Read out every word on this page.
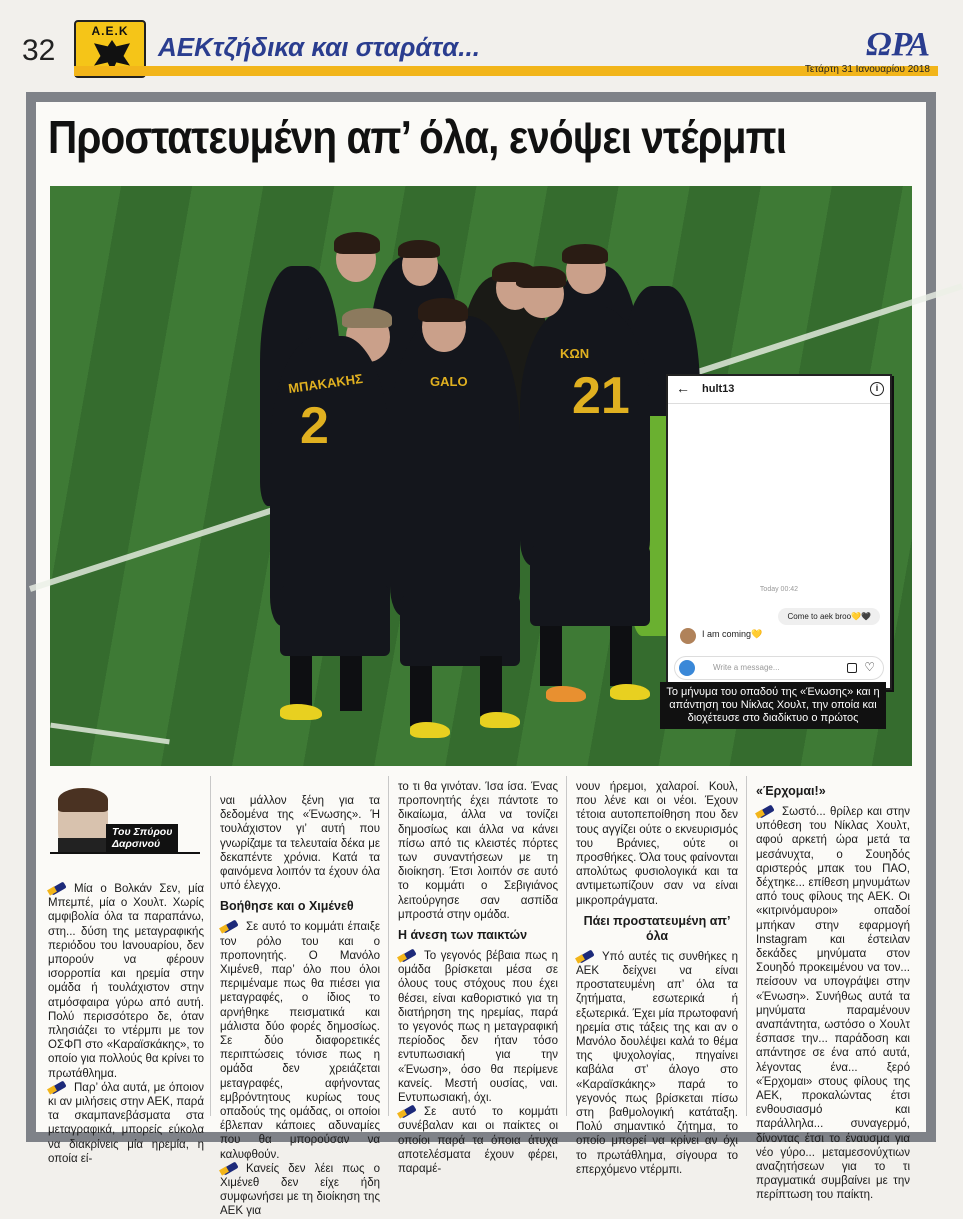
32
Α.Ε.Κ
ΑΕΚτζήδικα και σταράτα...	ΩΡΑ
Τετάρτη 31 Ιανουαρίου 2018
Προστατευμένη απ’ όλα, ενόψει ντέρμπι
ΜΠΑΚΑΚΗΣ
2
GALO
ΚΩΝ
21	← hult13	i
Today 00:42
Come to aek broo💛🖤
I am coming💛
Write a message...	♡
Το μήνυμα του οπαδού της «Ένωσης» και η απάντηση του Νίκλας Χουλτ, την οποία και διοχέτευσε στο διαδίκτυο ο πρώτος
Του Σπύρου
Δαρσινού

Μία ο Βολκάν Σεν, μία Μπεμπέ, μία ο Χουλτ. Χωρίς αμφιβολία όλα τα παραπάνω, στη... δύση της μεταγραφικής περιόδου του Ιανουαρίου, δεν μπορούν να φέρουν ισορροπία και ηρεμία στην ομάδα ή τουλάχιστον στην ατμόσφαιρα γύρω από αυτή. Πολύ περισσότερο δε, όταν πλησιάζει το ντέρμπι με τον ΟΣΦΠ στο «Καραϊσκάκης», το οποίο για πολλούς θα κρίνει το πρωτάθλημα.

Παρ’ όλα αυτά, με όποιον κι αν μιλήσεις στην ΑΕΚ, παρά τα σκαμπανεβάσματα στα μεταγραφικά, μπορείς εύκολα να διακρίνεις μία ηρεμία, η οποία εί-

ναι μάλλον ξένη για τα δεδομένα της «Ένωσης». Ή τουλάχιστον γι’ αυτή που γνωρίζαμε τα τελευταία δέκα με δεκαπέντε χρόνια. Κατά τα φαινόμενα λοιπόν τα έχουν όλα υπό έλεγχο.

Βοήθησε και ο Χιμένεθ

Σε αυτό το κομμάτι έπαιξε τον ρόλο του και ο προπονητής. Ο Μανόλο Χιμένεθ, παρ’ όλο που όλοι περιμέναμε πως θα πιέσει για μεταγραφές, ο ίδιος το αρνήθηκε πεισματικά και μάλιστα δύο φορές δημοσίως. Σε δύο διαφορετικές περιπτώσεις τόνισε πως η ομάδα δεν χρειάζεται μεταγραφές, αφήνοντας εμβρόντητους κυρίως τους οπαδούς της ομάδας, οι οποίοι έβλεπαν κάποιες αδυναμίες που θα μπορούσαν να καλυφθούν.

Κανείς δεν λέει πως ο Χιμένεθ δεν είχε ήδη συμφωνήσει με τη διοίκηση της ΑΕΚ για

το τι θα γινόταν. Ίσα ίσα. Ένας προπονητής έχει πάντοτε το δικαίωμα, άλλα να τονίζει δημοσίως και άλλα να κάνει πίσω από τις κλειστές πόρτες των συναντήσεων με τη διοίκηση. Έτσι λοιπόν σε αυτό το κομμάτι ο Σεβιγιάνος λειτούργησε σαν ασπίδα μπροστά στην ομάδα.

Η άνεση των παικτών

Το γεγονός βέβαια πως η ομάδα βρίσκεται μέσα σε όλους τους στόχους που έχει θέσει, είναι καθοριστικό για τη διατήρηση της ηρεμίας, παρά το γεγονός πως η μεταγραφική περίοδος δεν ήταν τόσο εντυπωσιακή για την «Ένωση», όσο θα περίμενε κανείς. Μεστή ουσίας, ναι. Εντυπωσιακή, όχι.

Σε αυτό το κομμάτι συνέβαλαν και οι παίκτες οι οποίοι παρά τα όποια άτυχα αποτελέσματα έχουν φέρει, παραμέ-

νουν ήρεμοι, χαλαροί. Κουλ, που λένε και οι νέοι. Έχουν τέτοια αυτοπεποίθηση που δεν τους αγγίζει ούτε ο εκνευρισμός του Βράνιες, ούτε οι προσθήκες. Όλα τους φαίνονται απολύτως φυσιολογικά και τα αντιμετωπίζουν σαν να είναι μικροπράγματα.

Πάει προστατευμένη απ’ όλα

Υπό αυτές τις συνθήκες η ΑΕΚ δείχνει να είναι προστατευμένη απ’ όλα τα ζητήματα, εσωτερικά ή εξωτερικά. Έχει μία πρωτοφανή ηρεμία στις τάξεις της και αν ο Μανόλο δουλέψει καλά το θέμα της ψυχολογίας, πηγαίνει καβάλα στ’ άλογο στο «Καραϊσκάκης» παρά το γεγονός πως βρίσκεται πίσω στη βαθμολογική κατάταξη. Πολύ σημαντικό ζήτημα, το οποίο μπορεί να κρίνει αν όχι το πρωτάθλημα, σίγουρα το επερχόμενο ντέρμπι.

«Έρχομαι!»

Σωστό... θρίλερ και στην υπόθεση του Νίκλας Χουλτ, αφού αρκετή ώρα μετά τα μεσάνυχτα, ο Σουηδός αριστερός μπακ του ΠΑΟ, δέχτηκε... επίθεση μηνυμάτων από τους φίλους της ΑΕΚ. Οι «κιτρινόμαυροι» οπαδοί μπήκαν στην εφαρμογή Instagram και έστειλαν δεκάδες μηνύματα στον Σουηδό προκειμένου να τον... πείσουν να υπογράψει στην «Ένωση». Συνήθως αυτά τα μηνύματα παραμένουν αναπάντητα, ωστόσο ο Χουλτ έσπασε την... παράδοση και απάντησε σε ένα από αυτά, λέγοντας ένα... ξερό «Έρχομαι» στους φίλους της ΑΕΚ, προκαλώντας έτσι ενθουσιασμό και παράλληλα... συναγερμό, δίνοντας έτσι το έναυσμα για νέο γύρο... μεταμεσονύχτιων αναζητήσεων για το τι πραγματικά συμβαίνει με την περίπτωση του παίκτη.
